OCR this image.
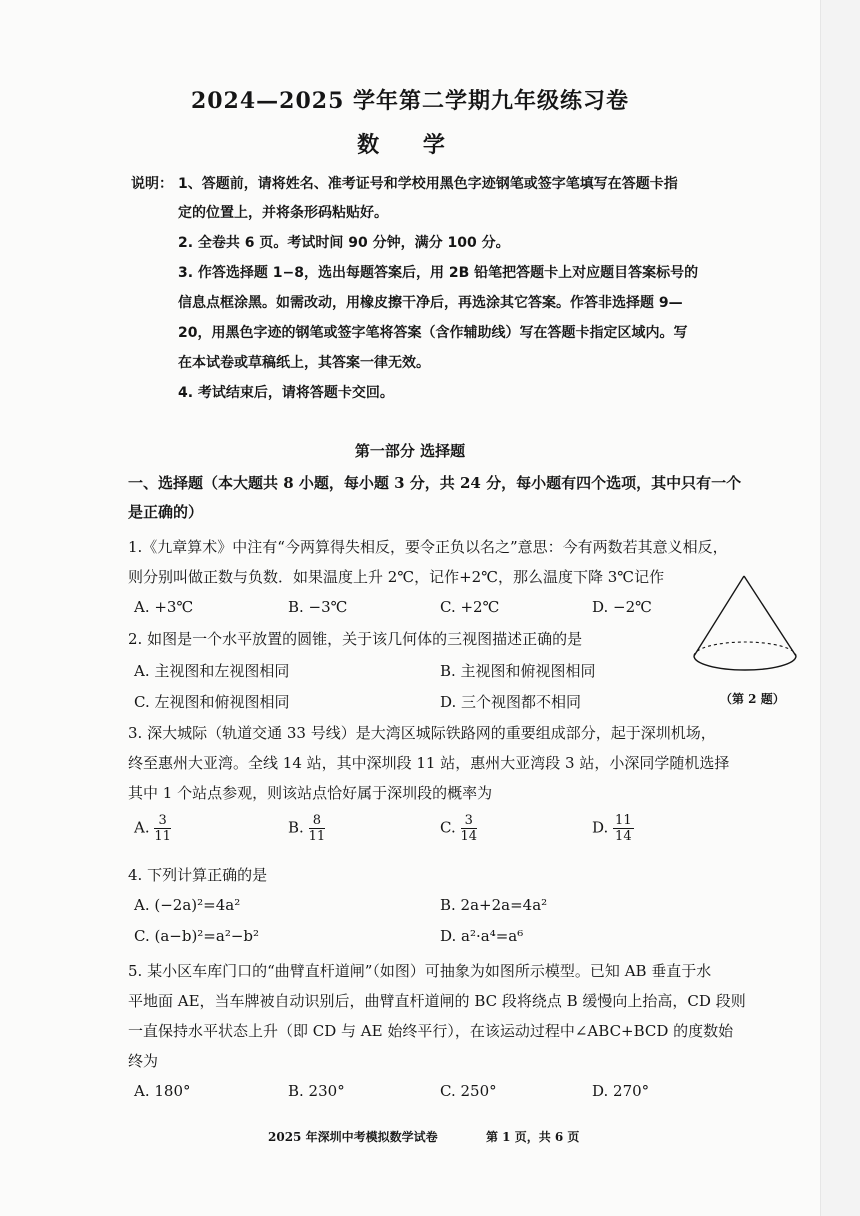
2024—2025 学年第二学期九年级练习卷
数 学
说明： 1、答题前，请将姓名、准考证号和学校用黑色字迹钢笔或签字笔填写在答题卡指
定的位置上，并将条形码粘贴好。
2. 全卷共 6 页。考试时间 90 分钟，满分 100 分。
3. 作答选择题 1−8，选出每题答案后，用 2B 铅笔把答题卡上对应题目答案标号的
信息点框涂黑。如需改动，用橡皮擦干净后，再选涂其它答案。作答非选择题 9—
20，用黑色字迹的钢笔或签字笔将答案（含作辅助线）写在答题卡指定区域内。写
在本试卷或草稿纸上，其答案一律无效。
4. 考试结束后，请将答题卡交回。
第一部分 选择题
一、选择题（本大题共 8 小题，每小题 3 分，共 24 分，每小题有四个选项，其中只有一个
是正确的）
1.《九章算术》中注有“今两算得失相反，要令正负以名之”意思：今有两数若其意义相反，
则分别叫做正数与负数．如果温度上升 2℃，记作+2℃，那么温度下降 3℃记作
A. +3℃	B. −3℃	C. +2℃	D. −2℃
2. 如图是一个水平放置的圆锥，关于该几何体的三视图描述正确的是
A. 主视图和左视图相同	B. 主视图和俯视图相同
C. 左视图和俯视图相同	D. 三个视图都不相同	（第 2 题）
3. 深大城际（轨道交通 33 号线）是大湾区城际铁路网的重要组成部分，起于深圳机场，
终至惠州大亚湾。全线 14 站，其中深圳段 11 站，惠州大亚湾段 3 站，小深同学随机选择
其中 1 个站点参观，则该站点恰好属于深圳段的概率为
A. $\frac{3}{11}$	B. $\frac{8}{11}$	C. $\frac{3}{14}$	D. $\frac{11}{14}$
4. 下列计算正确的是
A. (−2a)²=4a²	B. 2a+2a=4a²
C. (a−b)²=a²−b²	D. a²·a⁴=a⁶
5. 某小区车库门口的“曲臂直杆道闸”（如图）可抽象为如图所示模型。已知 AB 垂直于水
平地面 AE，当车牌被自动识别后，曲臂直杆道闸的 BC 段将绕点 B 缓慢向上抬高，CD 段则
一直保持水平状态上升（即 CD 与 AE 始终平行），在该运动过程中∠ABC+BCD 的度数始
终为
A. 180°	B. 230°	C. 250°	D. 270°
2025 年深圳中考模拟数学试卷	第 1 页，共 6 页
